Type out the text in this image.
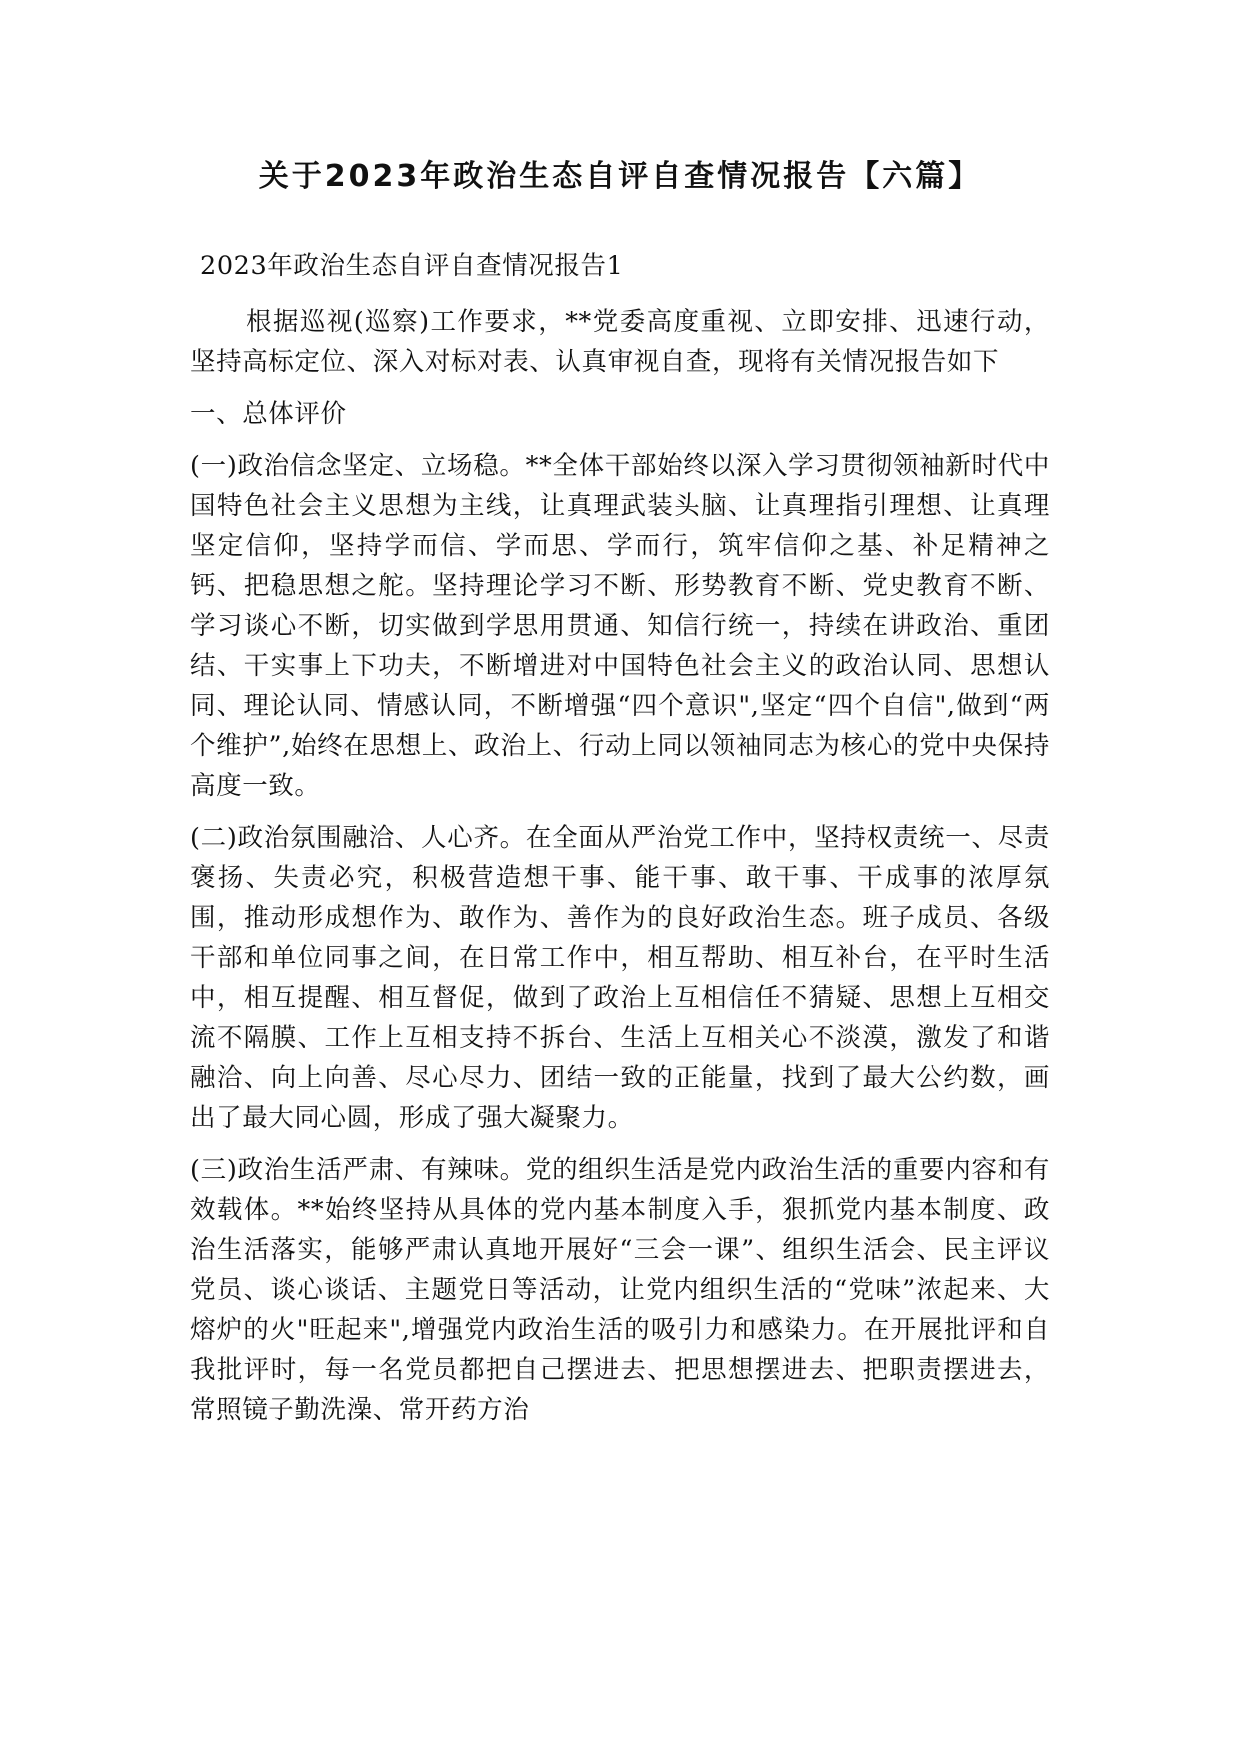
关于2023年政治生态自评自查情况报告【六篇】

2023年政治生态自评自查情况报告1

根据巡视(巡察)工作要求，**党委高度重视、立即安排、迅速行动，坚持高标定位、深入对标对表、认真审视自查，现将有关情况报告如下

一、总体评价

(一)政治信念坚定、立场稳。**全体干部始终以深入学习贯彻领袖新时代中国特色社会主义思想为主线，让真理武装头脑、让真理指引理想、让真理坚定信仰，坚持学而信、学而思、学而行，筑牢信仰之基、补足精神之钙、把稳思想之舵。坚持理论学习不断、形势教育不断、党史教育不断、学习谈心不断，切实做到学思用贯通、知信行统一，持续在讲政治、重团结、干实事上下功夫，不断增进对中国特色社会主义的政治认同、思想认同、理论认同、情感认同，不断增强“四个意识",坚定“四个自信",做到“两个维护”,始终在思想上、政治上、行动上同以领袖同志为核心的党中央保持高度一致。

(二)政治氛围融洽、人心齐。在全面从严治党工作中，坚持权责统一、尽责褒扬、失责必究，积极营造想干事、能干事、敢干事、干成事的浓厚氛围，推动形成想作为、敢作为、善作为的良好政治生态。班子成员、各级干部和单位同事之间，在日常工作中，相互帮助、相互补台，在平时生活中，相互提醒、相互督促，做到了政治上互相信任不猜疑、思想上互相交流不隔膜、工作上互相支持不拆台、生活上互相关心不淡漠，激发了和谐融洽、向上向善、尽心尽力、团结一致的正能量，找到了最大公约数，画出了最大同心圆，形成了强大凝聚力。

(三)政治生活严肃、有辣味。党的组织生活是党内政治生活的重要内容和有效载体。**始终坚持从具体的党内基本制度入手，狠抓党内基本制度、政治生活落实，能够严肃认真地开展好“三会一课”、组织生活会、民主评议党员、谈心谈话、主题党日等活动，让党内组织生活的“党味”浓起来、大熔炉的火"旺起来",增强党内政治生活的吸引力和感染力。在开展批评和自我批评时，每一名党员都把自己摆进去、把思想摆进去、把职责摆进去，常照镜子勤洗澡、常开药方治
